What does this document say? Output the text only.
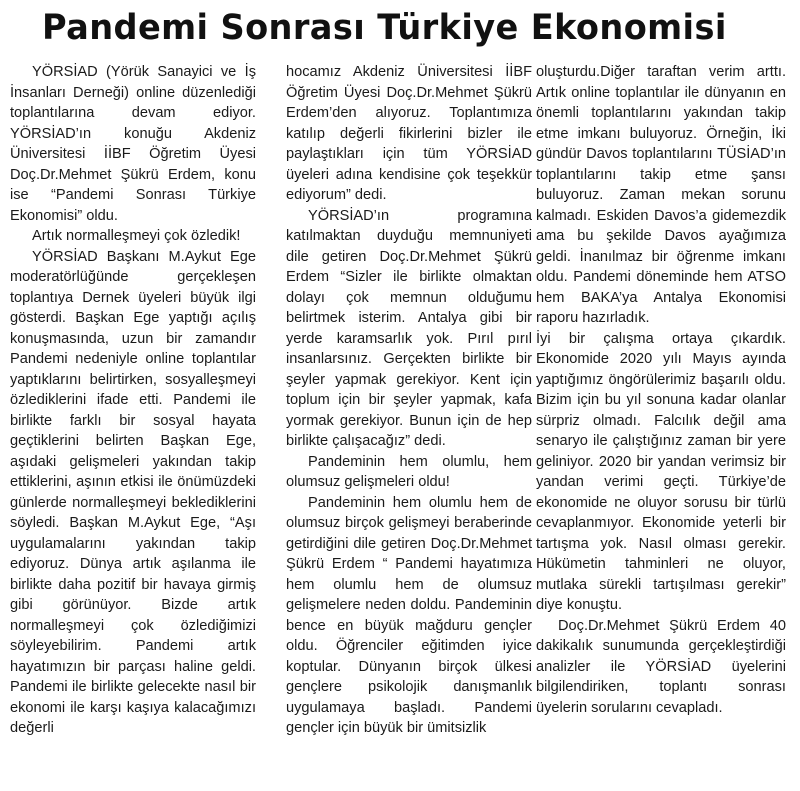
Pandemi Sonrası Türkiye Ekonomisi

YÖRSİAD (Yörük Sanayici ve İş İnsanları Derneği) online düzenlediği toplantılarına devam ediyor. YÖRSİAD’ın konuğu Akdeniz Üniversitesi İİBF Öğretim Üyesi Doç.Dr.Mehmet Şükrü Erdem, konu ise “Pandemi Sonrası Türkiye Ekonomisi” oldu.

Artık normalleşmeyi çok özledik!

YÖRSİAD Başkanı M.Aykut Ege moderatörlüğünde gerçekleşen toplantıya Dernek üyeleri büyük ilgi gösterdi. Başkan Ege yaptığı açılış konuşmasında, uzun bir zamandır Pandemi nedeniyle online toplantılar yaptıklarını belirtirken, sosyalleşmeyi özlediklerini ifade etti. Pandemi ile birlikte farklı bir sosyal hayata geçtiklerini belirten Başkan Ege, aşıdaki gelişmeleri yakından takip ettiklerini, aşının etkisi ile önümüzdeki günlerde normalleşmeyi beklediklerini söyledi. Başkan M.Aykut Ege, “Aşı uygulamalarını yakından takip ediyoruz. Dünya artık aşılanma ile birlikte daha pozitif bir havaya girmiş gibi görünüyor. Bizde artık normalleşmeyi çok özlediğimizi söyleyebilirim. Pandemi artık hayatımızın bir parçası haline geldi. Pandemi ile birlikte gelecekte nasıl bir ekonomi ile karşı kaşıya kalacağımızı değerli

hocamız Akdeniz Üniversitesi İİBF Öğretim Üyesi Doç.Dr.Mehmet Şükrü Erdem’den alıyoruz. Toplantımıza katılıp değerli fikirlerini bizler ile paylaştıkları için tüm YÖRSİAD üyeleri adına kendisine çok teşekkür ediyorum” dedi.

YÖRSİAD’ın programına katılmaktan duyduğu memnuniyeti dile getiren Doç.Dr.Mehmet Şükrü Erdem “Sizler ile birlikte olmaktan dolayı çok memnun olduğumu belirtmek isterim. Antalya gibi bir yerde karamsarlık yok. Pırıl pırıl insanlarsınız. Gerçekten birlikte bir şeyler yapmak gerekiyor. Kent için toplum için bir şeyler yapmak, kafa yormak gerekiyor. Bunun için de hep birlikte çalışacağız” dedi.

Pandeminin hem olumlu, hem olumsuz gelişmeleri oldu!

Pandeminin hem olumlu hem de olumsuz birçok gelişmeyi beraberinde getirdiğini dile getiren Doç.Dr.Mehmet Şükrü Erdem “ Pandemi hayatımıza hem olumlu hem de olumsuz gelişmelere neden doldu. Pandeminin bence en büyük mağduru gençler oldu. Öğrenciler eğitimden iyice koptular. Dünyanın birçok ülkesi gençlere psikolojik danışmanlık uygulamaya başladı. Pandemi gençler için büyük bir ümitsizlik

oluşturdu.Diğer taraftan verim arttı. Artık online toplantılar ile dünyanın en önemli toplantılarını yakından takip etme imkanı buluyoruz. Örneğin, İki gündür Davos toplantılarını TÜSİAD’ın toplantılarını takip etme şansı buluyoruz. Zaman mekan sorunu kalmadı. Eskiden Davos’a gidemezdik ama bu şekilde Davos ayağımıza geldi. İnanılmaz bir öğrenme imkanı oldu. Pandemi döneminde hem ATSO hem BAKA’ya Antalya Ekonomisi raporu hazırladık.

İyi bir çalışma ortaya çıkardık. Ekonomide 2020 yılı Mayıs ayında yaptığımız öngörülerimiz başarılı oldu. Bizim için bu yıl sonuna kadar olanlar sürpriz olmadı. Falcılık değil ama senaryo ile çalıştığınız zaman bir yere geliniyor. 2020 bir yandan verimsiz bir yandan verimi geçti. Türkiye’de ekonomide ne oluyor sorusu bir türlü cevaplanmıyor. Ekonomide yeterli bir tartışma yok. Nasıl olması gerekir. Hükümetin tahminleri ne oluyor, mutlaka sürekli tartışılması gerekir” diye konuştu.

Doç.Dr.Mehmet Şükrü Erdem 40 dakikalık sunumunda gerçekleştirdiği analizler ile YÖRSİAD üyelerini bilgilendiriken, toplantı sonrası üyelerin sorularını cevapladı.
